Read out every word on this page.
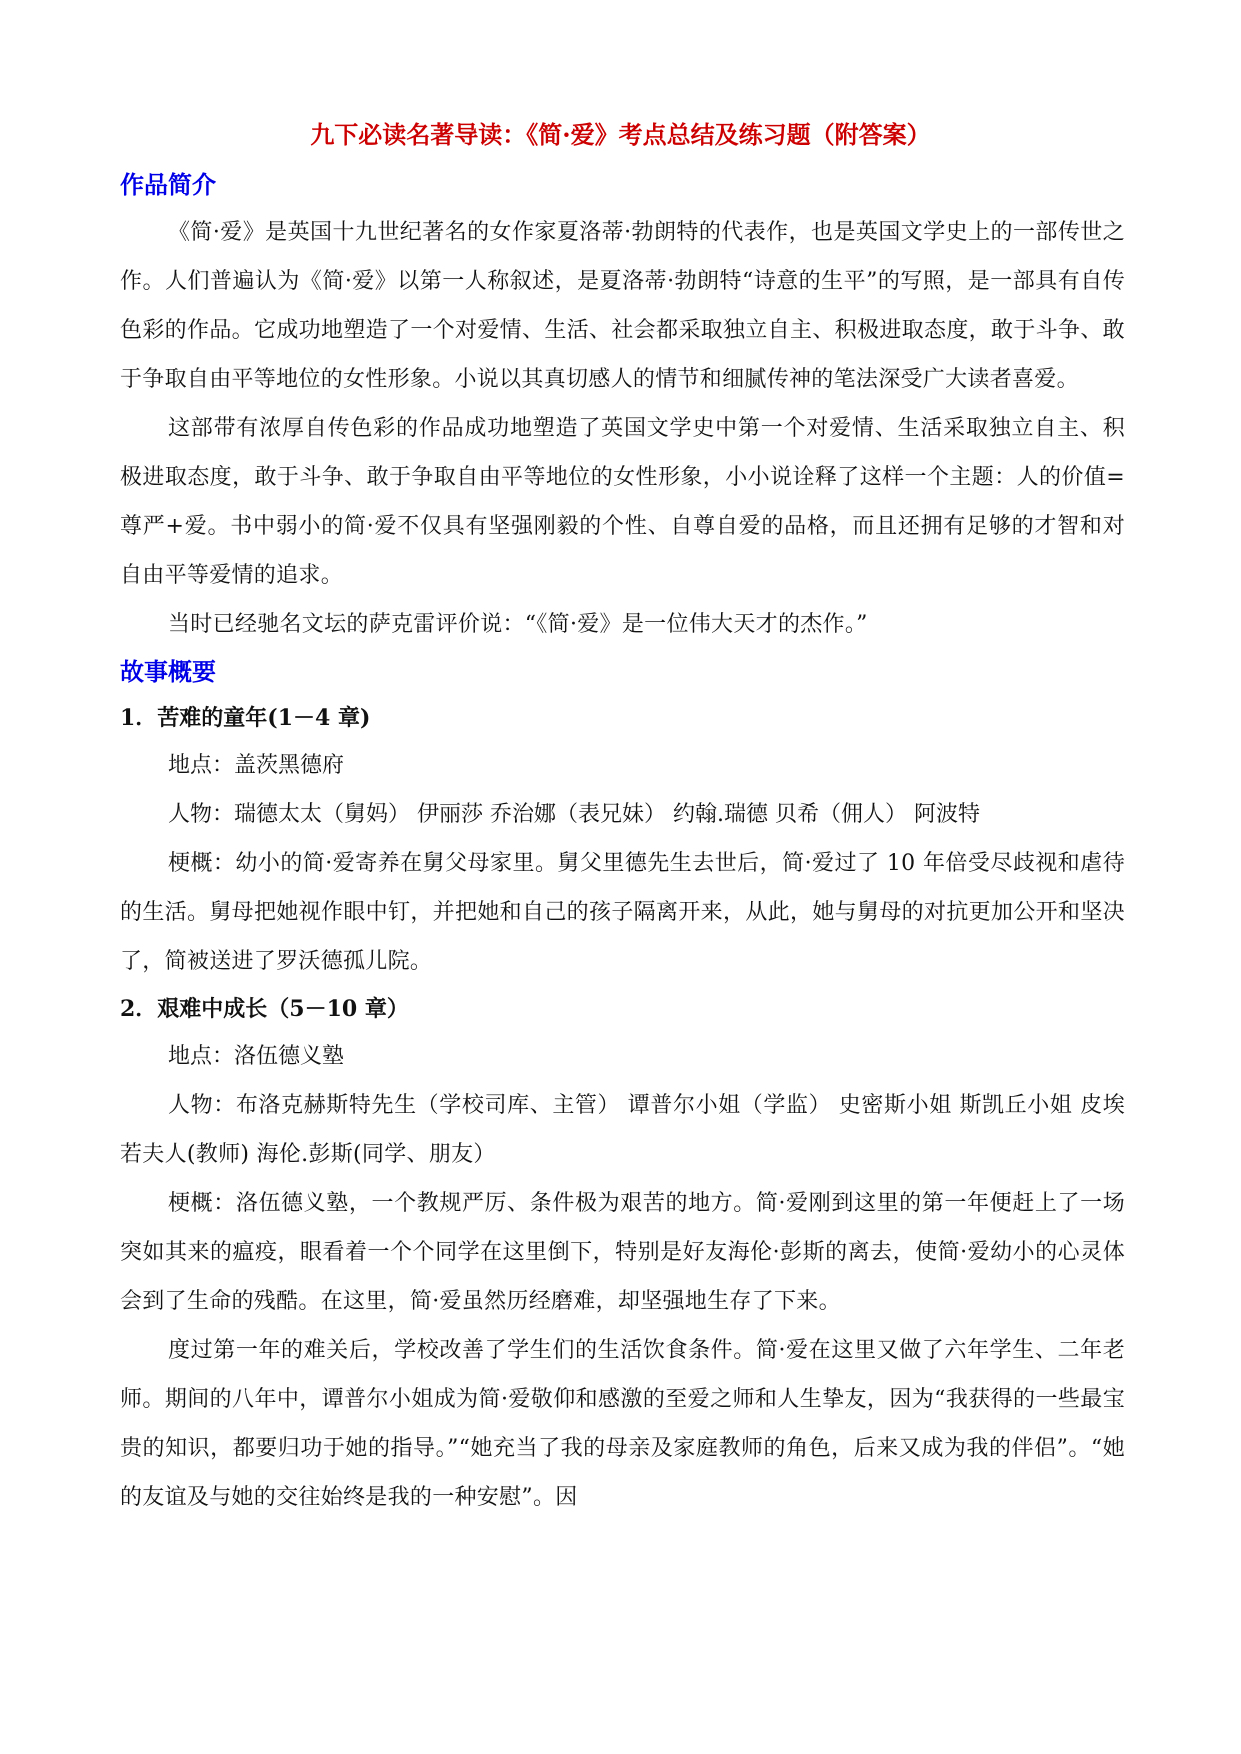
九下必读名著导读：《简·爱》考点总结及练习题（附答案）
作品简介

《简·爱》是英国十九世纪著名的女作家夏洛蒂·勃朗特的代表作，也是英国文学史上的一部传世之作。人们普遍认为《简·爱》以第一人称叙述，是夏洛蒂·勃朗特“诗意的生平”的写照，是一部具有自传色彩的作品。它成功地塑造了一个对爱情、生活、社会都采取独立自主、积极进取态度，敢于斗争、敢于争取自由平等地位的女性形象。小说以其真切感人的情节和细腻传神的笔法深受广大读者喜爱。

这部带有浓厚自传色彩的作品成功地塑造了英国文学史中第一个对爱情、生活采取独立自主、积极进取态度，敢于斗争、敢于争取自由平等地位的女性形象，小小说诠释了这样一个主题：人的价值=尊严+爱。书中弱小的简·爱不仅具有坚强刚毅的个性、自尊自爱的品格，而且还拥有足够的才智和对自由平等爱情的追求。

当时已经驰名文坛的萨克雷评价说：“《简·爱》是一位伟大天才的杰作。”

故事概要
1．苦难的童年(1－4 章)

地点：盖茨黑德府

人物：瑞德太太（舅妈） 伊丽莎 乔治娜（表兄妹） 约翰.瑞德 贝希（佣人） 阿波特

梗概：幼小的简·爱寄养在舅父母家里。舅父里德先生去世后，简·爱过了 10 年倍受尽歧视和虐待的生活。舅母把她视作眼中钉，并把她和自己的孩子隔离开来，从此，她与舅母的对抗更加公开和坚决了，简被送进了罗沃德孤儿院。

2．艰难中成长（5－10 章）

地点：洛伍德义塾

人物：布洛克赫斯特先生（学校司库、主管） 谭普尔小姐（学监） 史密斯小姐 斯凯丘小姐 皮埃若夫人(教师) 海伦.彭斯(同学、朋友）

梗概：洛伍德义塾，一个教规严厉、条件极为艰苦的地方。简·爱刚到这里的第一年便赶上了一场突如其来的瘟疫，眼看着一个个同学在这里倒下，特别是好友海伦·彭斯的离去，使简·爱幼小的心灵体会到了生命的残酷。在这里，简·爱虽然历经磨难，却坚强地生存了下来。

度过第一年的难关后，学校改善了学生们的生活饮食条件。简·爱在这里又做了六年学生、二年老师。期间的八年中，谭普尔小姐成为简·爱敬仰和感激的至爱之师和人生挚友，因为“我获得的一些最宝贵的知识，都要归功于她的指导。”“她充当了我的母亲及家庭教师的角色，后来又成为我的伴侣”。“她的友谊及与她的交往始终是我的一种安慰”。因
